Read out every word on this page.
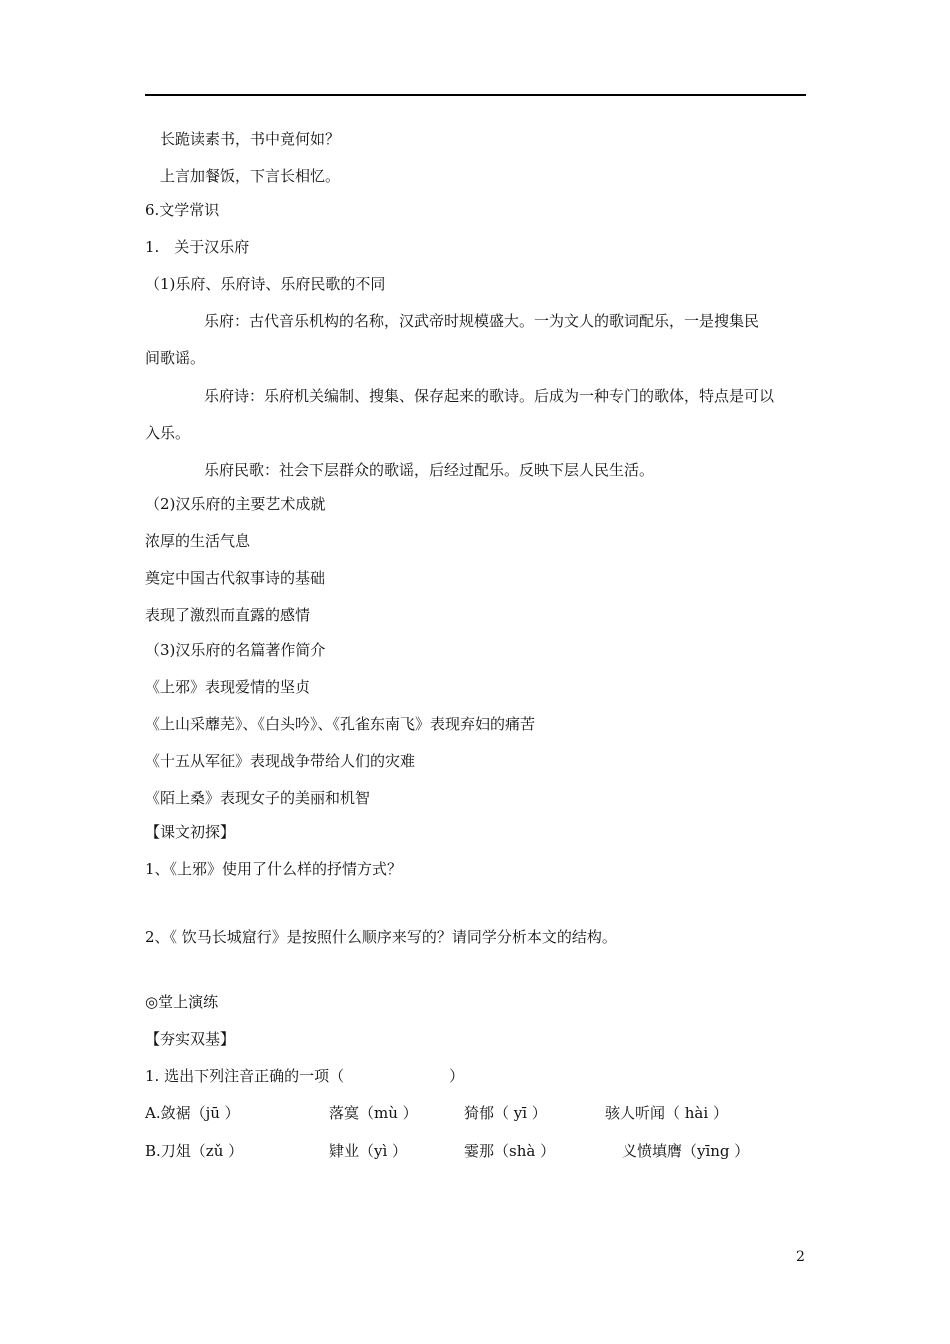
长跪读素书，书中竟何如？
上言加餐饭，下言长相忆。
6.文学常识
1.　关于汉乐府
（1)乐府、乐府诗、乐府民歌的不同
乐府：古代音乐机构的名称，汉武帝时规模盛大。一为文人的歌词配乐，一是搜集民
间歌谣。
乐府诗：乐府机关编制、搜集、保存起来的歌诗。后成为一种专门的歌体，特点是可以
入乐。
乐府民歌：社会下层群众的歌谣，后经过配乐。反映下层人民生活。
（2)汉乐府的主要艺术成就
浓厚的生活气息
奠定中国古代叙事诗的基础
表现了激烈而直露的感情
（3)汉乐府的名篇著作简介
《上邪》表现爱情的坚贞
《上山采蘼芜》、《白头吟》、《孔雀东南飞》表现弃妇的痛苦
《十五从军征》表现战争带给人们的灾难
《陌上桑》表现女子的美丽和机智
【课文初探】
1、《上邪》使用了什么样的抒情方式？
2、《 饮马长城窟行》是按照什么顺序来写的？请同学分析本文的结构。
◎堂上演练
【夯实双基】
1. 选出下列注音正确的一项（　　　　　　　）
A.敛裾（jū ）	落寞（mù ）	猗郁（ yī ）	骇人听闻（ hài ）
B.刀俎（zǔ ）	肄业（yì ）	霎那（shà ）	义愤填膺（yīng ）
2
